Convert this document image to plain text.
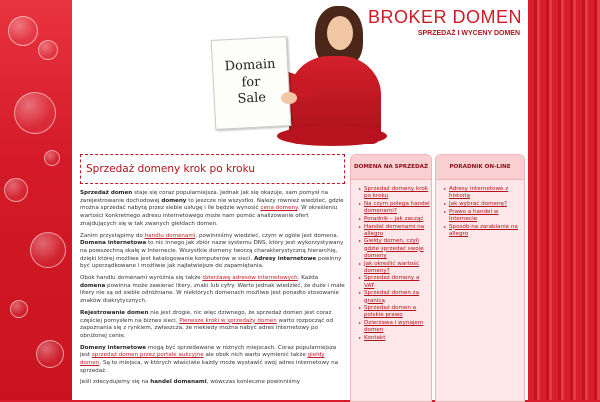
Domain
for
Sale
BROKER DOMEN
SPRZEDAŻ I WYCENY DOMEN
Sprzedaż domeny krok po kroku

Sprzedaż domen staje się coraz popularniejsza. Jednak jak się okazuje, sam pomysł na zarejestrowanie dochodowej domeny to jeszcze nie wszystko. Należy również wiedzieć, gdzie można sprzedać nabytą przez siebie usługę i ile będzie wynosić cena domeny. W określeniu wartości konkretnego adresu internetowego może nam pomóc analizowanie ofert znajdujących się w tak zwanych giełdach domen.

Zanim przystąpimy do handlu domenami, powinniśmy wiedzieć, czym w ogóle jest domena. Domena internetowa to nic innego jak zbiór nazw systemu DNS, który jest wykorzystywany na powszechną skalę w Internecie. Wszystkie domeny tworzą charakterystyczną hierarchię, dzięki której możliwe jest katalogowanie komputerów w sieci. Adresy internetowe powinny być uporządkowane i możliwie jak najłatwiejsze do zapamiętania.

Obok handlu domenami wyróżnia się także dzierżawę adresów internetowych. Każda domena powinna może zawierać litery, znaki lub cyfry. Warto jednak wiedzieć, że duże i małe litery nie są od siebie odróżniane. W niektórych domenach możliwe jest ponadto stosowanie znaków diakrytycznych.

Rejestrowanie domen nie jest drogie, nic więc dziwnego, że sprzedaż domen jest coraz częściej pomysłem na biznes sieci. Pierwsze kroki w sprzedaży domen warto rozpocząć od zapoznania się z rynkiem, zwłaszcza, że niekiedy można nabyć adres internetowy po obniżonej cenie.

Domeny internetowe mogą być sprzedawane w różnych miejscach. Coraz popularniejsza jest sprzedaż domen przez portale aukcyjne ale obok nich warto wymienić także giełdy domen. Są to miejsca, w których właściwie każdy może wystawić swój adres internetowy na sprzedaż.

Jeśli zdecydujemy się na handel domenami, wówczas konieczne powinniśmy

DOMENA NA SPRZEDAŻ
Sprzedaż domeny krok po kroku
Na czym polega handel domenami?
Poradnik – jak zacząć
Handel domenami na allegro
Giełdy domen, czyli gdzie sprzedać swoje domeny
Jak określić wartość domeny?
Sprzedaż domeny a VAT
Sprzedaż domen za granicą
Sprzedaż domen a polskie prawo
Dzierżawa i wynajem domen
Kontakt
PORADNIK ON-LINE
Adresy internetowe z historią
Jak wybrać domenę?
Prawo a handel w Internecie
Sposób na zarabianie na allegro
